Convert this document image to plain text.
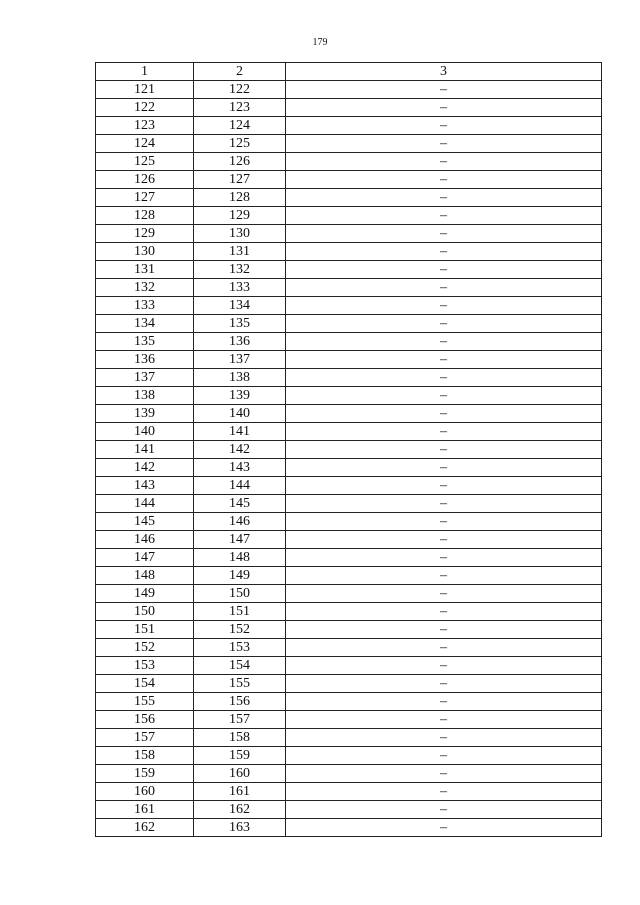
179
1	2	3
121	122	–
122	123	–
123	124	–
124	125	–
125	126	–
126	127	–
127	128	–
128	129	–
129	130	–
130	131	–
131	132	–
132	133	–
133	134	–
134	135	–
135	136	–
136	137	–
137	138	–
138	139	–
139	140	–
140	141	–
141	142	–
142	143	–
143	144	–
144	145	–
145	146	–
146	147	–
147	148	–
148	149	–
149	150	–
150	151	–
151	152	–
152	153	–
153	154	–
154	155	–
155	156	–
156	157	–
157	158	–
158	159	–
159	160	–
160	161	–
161	162	–
162	163	–
